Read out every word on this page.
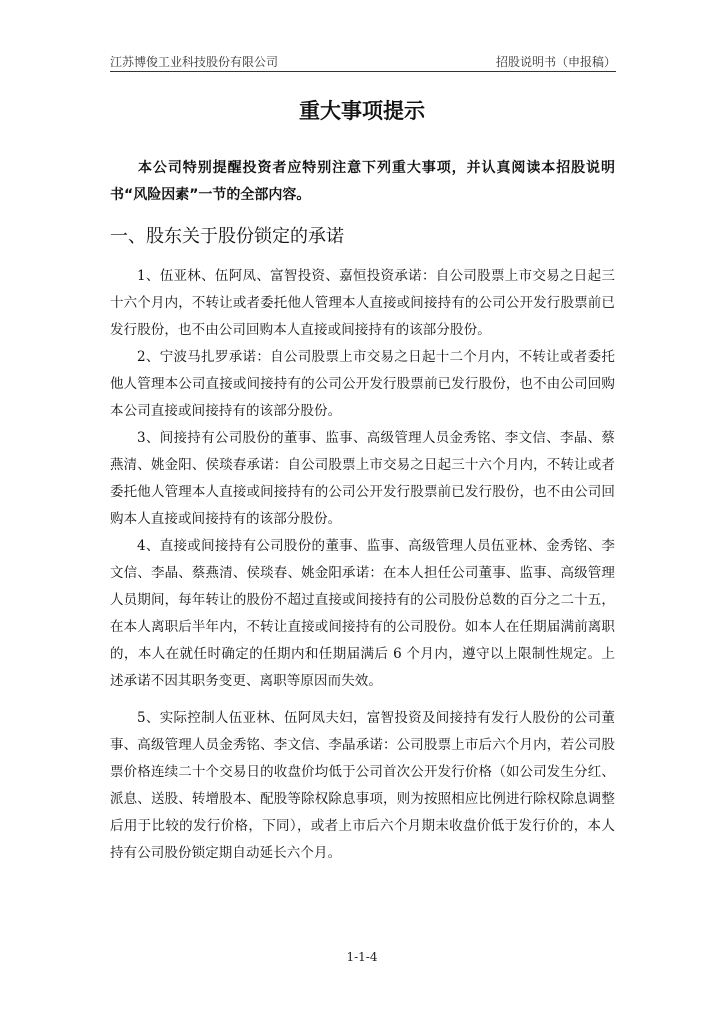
江苏博俊工业科技股份有限公司	招股说明书（申报稿）
重大事项提示

本公司特别提醒投资者应特别注意下列重大事项，并认真阅读本招股说明书“风险因素”一节的全部内容。

一、股东关于股份锁定的承诺

1、伍亚林、伍阿凤、富智投资、嘉恒投资承诺：自公司股票上市交易之日起三十六个月内，不转让或者委托他人管理本人直接或间接持有的公司公开发行股票前已发行股份，也不由公司回购本人直接或间接持有的该部分股份。

2、宁波马扎罗承诺：自公司股票上市交易之日起十二个月内，不转让或者委托他人管理本公司直接或间接持有的公司公开发行股票前已发行股份，也不由公司回购本公司直接或间接持有的该部分股份。

3、间接持有公司股份的董事、监事、高级管理人员金秀铭、李文信、李晶、蔡燕清、姚金阳、侯琰春承诺：自公司股票上市交易之日起三十六个月内，不转让或者委托他人管理本人直接或间接持有的公司公开发行股票前已发行股份，也不由公司回购本人直接或间接持有的该部分股份。

4、直接或间接持有公司股份的董事、监事、高级管理人员伍亚林、金秀铭、李文信、李晶、蔡燕清、侯琰春、姚金阳承诺：在本人担任公司董事、监事、高级管理人员期间，每年转让的股份不超过直接或间接持有的公司股份总数的百分之二十五，在本人离职后半年内，不转让直接或间接持有的公司股份。如本人在任期届满前离职的，本人在就任时确定的任期内和任期届满后 6 个月内，遵守以上限制性规定。上述承诺不因其职务变更、离职等原因而失效。

5、实际控制人伍亚林、伍阿凤夫妇，富智投资及间接持有发行人股份的公司董事、高级管理人员金秀铭、李文信、李晶承诺：公司股票上市后六个月内，若公司股票价格连续二十个交易日的收盘价均低于公司首次公开发行价格（如公司发生分红、派息、送股、转增股本、配股等除权除息事项，则为按照相应比例进行除权除息调整后用于比较的发行价格，下同），或者上市后六个月期末收盘价低于发行价的，本人持有公司股份锁定期自动延长六个月。

1-1-4
